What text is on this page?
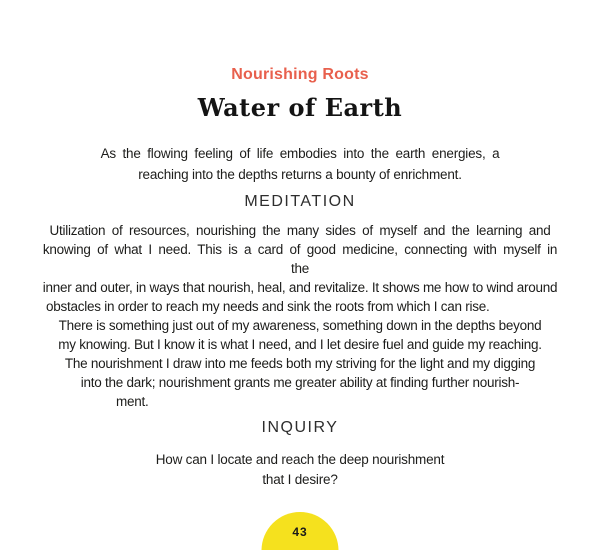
Nourishing Roots
Water of Earth
As the flowing feeling of life embodies into the earth energies, a
reaching into the depths returns a bounty of enrichment.
MEDITATION
Utilization of resources, nourishing the many sides of myself and the learning and
knowing of what I need. This is a card of good medicine, connecting with myself in the
inner and outer, in ways that nourish, heal, and revitalize. It shows me how to wind around
obstacles in order to reach my needs and sink the roots from which I can rise.
There is something just out of my awareness, something down in the depths beyond
my knowing. But I know it is what I need, and I let desire fuel and guide my reaching.
The nourishment I draw into me feeds both my striving for the light and my digging
into the dark; nourishment grants me greater ability at finding further nourish-
ment.
INQUIRY
How can I locate and reach the deep nourishment
that I desire?
43
